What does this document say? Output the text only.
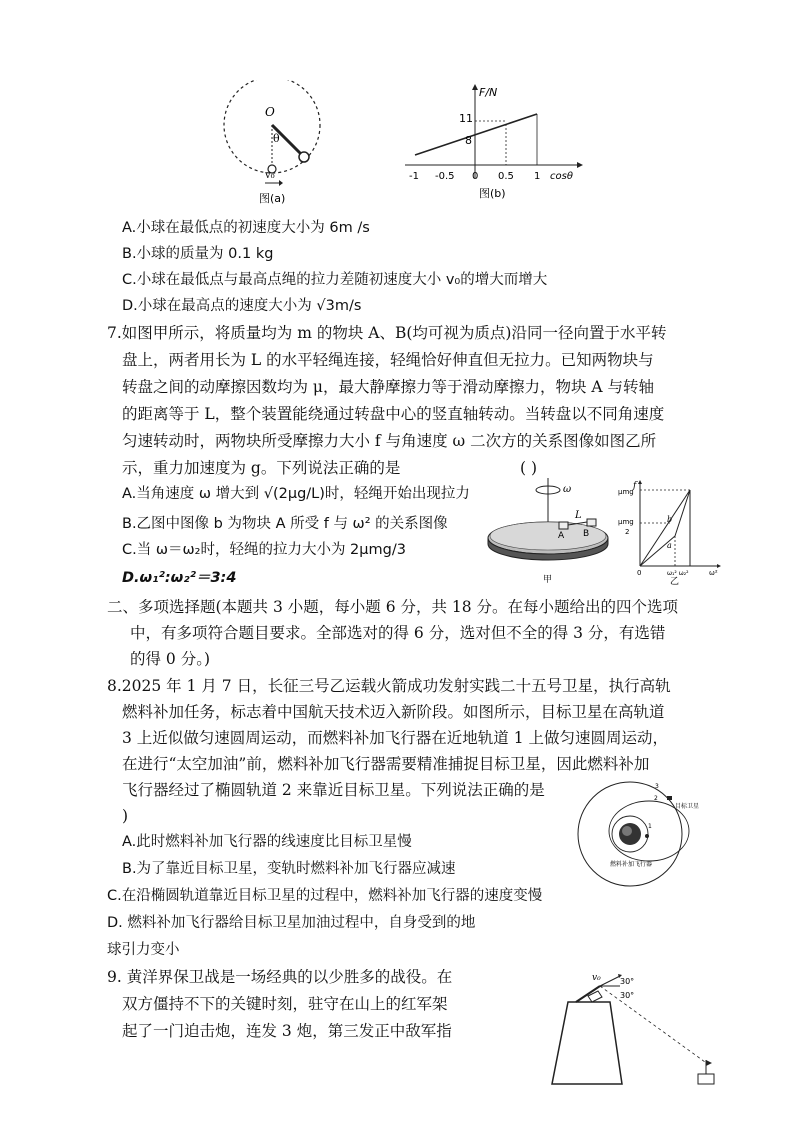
O
θ
v₀
图(a)
F/N
11
8
-1 -0.5 0 0.5 1 cosθ
图(b)
A.小球在最低点的初速度大小为 6m /s
B.小球的质量为 0.1 kg
C.小球在最低点与最高点绳的拉力差随初速度大小 v₀的增大而增大
D.小球在最高点的速度大小为 √3m/s
7.如图甲所示，将质量均为 m 的物块 A、B(均可视为质点)沿同一径向置于水平转
盘上，两者用长为 L 的水平轻绳连接，轻绳恰好伸直但无拉力。已知两物块与
转盘之间的动摩擦因数均为 μ，最大静摩擦力等于滑动摩擦力，物块 A 与转轴
的距离等于 L，整个装置能绕通过转盘中心的竖直轴转动。当转盘以不同角速度
匀速转动时，两物块所受摩擦力大小 f 与角速度 ω 二次方的关系图像如图乙所
示，重力加速度为 g。下列说法正确的是	( )
A.当角速度 ω 增大到 √(2μg/L)时，轻绳开始出现拉力
B.乙图中图像 b 为物块 A 所受 f 与 ω² 的关系图像
C.当 ω＝ω₂时，轻绳的拉力大小为 2μmg/3
D.ω₁²:ω₂²＝3:4
ω
L
A B
甲
f
μmg
μmg
2
b
a
0	ω₁² ω₂²	ω²
乙
二、多项选择题(本题共 3 小题，每小题 6 分，共 18 分。在每小题给出的四个选项
中，有多项符合题目要求。全部选对的得 6 分，选对但不全的得 3 分，有选错
的得 0 分。)
8.2025 年 1 月 7 日，长征三号乙运载火箭成功发射实践二十五号卫星，执行高轨
燃料补加任务，标志着中国航天技术迈入新阶段。如图所示，目标卫星在高轨道
3 上近似做匀速圆周运动，而燃料补加飞行器在近地轨道 1 上做匀速圆周运动，
在进行“太空加油”前，燃料补加飞行器需要精准捕捉目标卫星，因此燃料补加
飞行器经过了椭圆轨道 2 来靠近目标卫星。下列说法正确的是
)
A.此时燃料补加飞行器的线速度比目标卫星慢
B.为了靠近目标卫星，变轨时燃料补加飞行器应减速
C.在沿椭圆轨道靠近目标卫星的过程中，燃料补加飞行器的速度变慢
D. 燃料补加飞行器给目标卫星加油过程中，自身受到的地
球引力变小
目标卫星
燃料补加飞行器
1
2
3
9. 黄洋界保卫战是一场经典的以少胜多的战役。在
双方僵持不下的关键时刻，驻守在山上的红军架
起了一门迫击炮，连发 3 炮，第三发正中敌军指
v₀ 30°
30°
